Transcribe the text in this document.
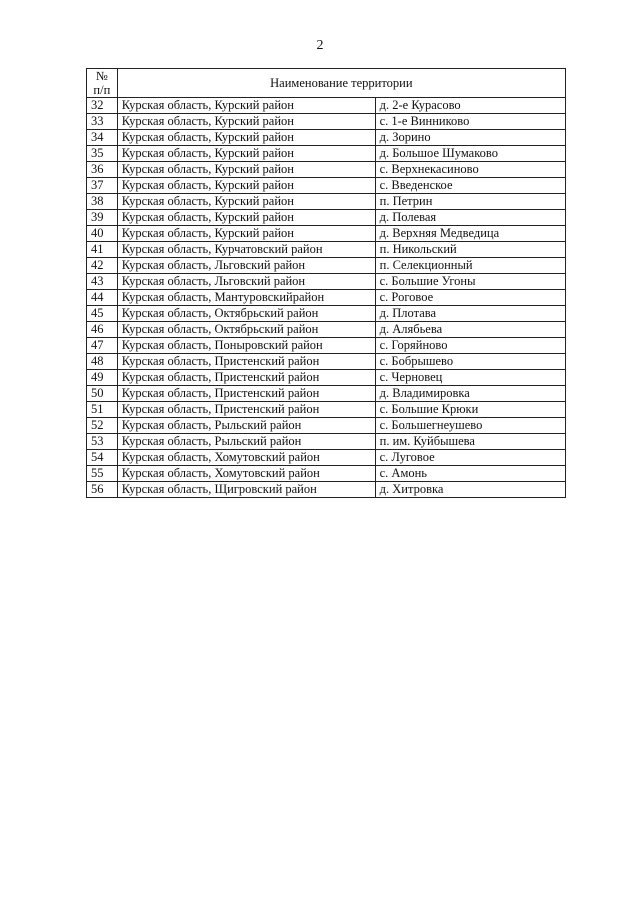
2
№
п/п	Наименование территории	
32	Курская область, Курский район	д. 2-е Курасово
33	Курская область, Курский район	с. 1-е Винниково
34	Курская область, Курский район	д. Зорино
35	Курская область, Курский район	д. Большое Шумаково
36	Курская область, Курский район	с. Верхнекасиново
37	Курская область, Курский район	с. Введенское
38	Курская область, Курский район	п. Петрин
39	Курская область, Курский район	д. Полевая
40	Курская область, Курский район	д. Верхняя Медведица
41	Курская область, Курчатовский район	п. Никольский
42	Курская область, Льговский район	п. Селекционный
43	Курская область, Льговский район	с. Большие Угоны
44	Курская область, Мантуровскийрайон	с. Роговое
45	Курская область, Октябрьский район	д. Плотава
46	Курская область, Октябрьский район	д. Алябьева
47	Курская область, Поныровский район	с. Горяйново
48	Курская область, Пристенский район	с. Бобрышево
49	Курская область, Пристенский район	с. Черновец
50	Курская область, Пристенский район	д. Владимировка
51	Курская область, Пристенский район	с. Большие Крюки
52	Курская область, Рыльский район	с. Большегнеушево
53	Курская область, Рыльский район	п. им. Куйбышева
54	Курская область, Хомутовский район	с. Луговое
55	Курская область, Хомутовский район	с. Амонь
56	Курская область, Щигровский район	д. Хитровка
